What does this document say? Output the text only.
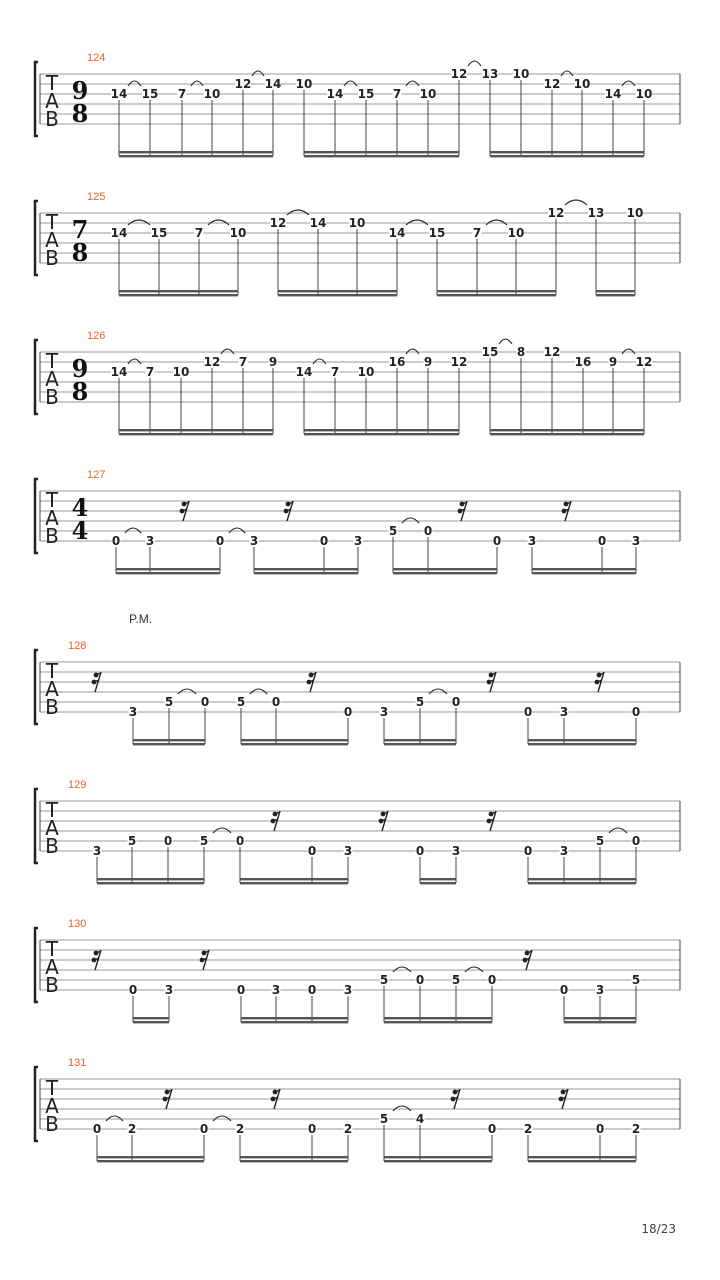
124
T
A
B
9
8
14 15 7 10
12 14 10
14 15 7 10
12 13 10
12 10
14 10
125
T
A
B
7
8
14 15 7 10
12 14 10
14 15 7 10
12 13 10
126
T
A
B
9
8
14 7 10
12 7 9
14 7 10
16 9 12
15 8 12
16 9 12
127
T
A
B
4
4 0 3	0 3	0 3
5 0
0 3	0 3
128
P.M.
T
A
B	3
5 0 5 0
0 3
5 0
0 3	0
129
T
A
B	3
5 0 5 0
0 3	0 3	0 3
5 0
130
T
A
B	0 3	0 3 0 3
5 0 5 0
0 3
5
131
T
A
B	0 2	0 2	0 2
5 4
0 2	0 2
18/23
